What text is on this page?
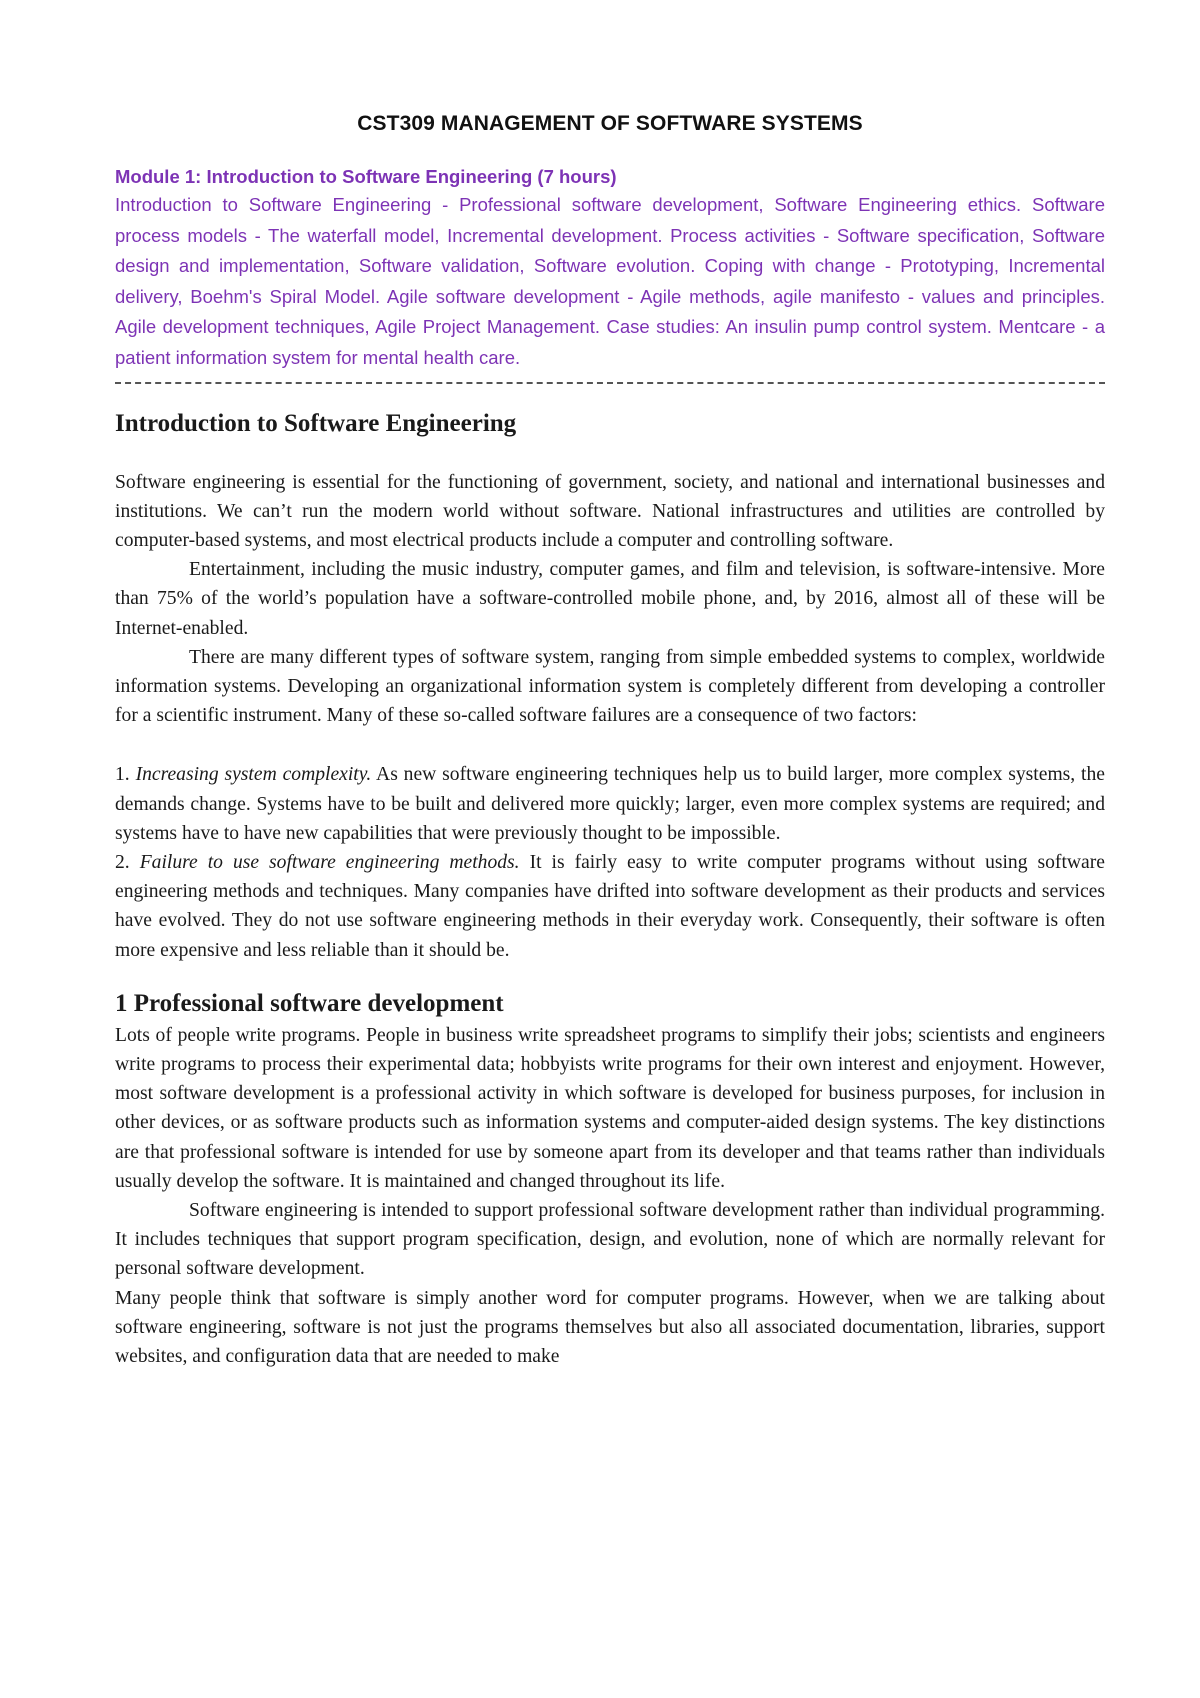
CST309 MANAGEMENT OF SOFTWARE SYSTEMS

Module 1: Introduction to Software Engineering (7 hours)

Introduction to Software Engineering - Professional software development, Software Engineering ethics. Software process models - The waterfall model, Incremental development. Process activities - Software specification, Software design and implementation, Software validation, Software evolution. Coping with change - Prototyping, Incremental delivery, Boehm's Spiral Model. Agile software development - Agile methods, agile manifesto - values and principles. Agile development techniques, Agile Project Management. Case studies: An insulin pump control system. Mentcare - a patient information system for mental health care.

Introduction to Software Engineering

Software engineering is essential for the functioning of government, society, and national and international businesses and institutions. We can’t run the modern world without software. National infrastructures and utilities are controlled by computer-based systems, and most electrical products include a computer and controlling software.

Entertainment, including the music industry, computer games, and film and television, is software-intensive. More than 75% of the world’s population have a software-controlled mobile phone, and, by 2016, almost all of these will be Internet-enabled.

There are many different types of software system, ranging from simple embedded systems to complex, worldwide information systems. Developing an organizational information system is completely different from developing a controller for a scientific instrument. Many of these so-called software failures are a consequence of two factors:

1. Increasing system complexity. As new software engineering techniques help us to build larger, more complex systems, the demands change. Systems have to be built and delivered more quickly; larger, even more complex systems are required; and systems have to have new capabilities that were previously thought to be impossible.

2. Failure to use software engineering methods. It is fairly easy to write computer programs without using software engineering methods and techniques. Many companies have drifted into software development as their products and services have evolved. They do not use software engineering methods in their everyday work. Consequently, their software is often more expensive and less reliable than it should be.

1 Professional software development

Lots of people write programs. People in business write spreadsheet programs to simplify their jobs; scientists and engineers write programs to process their experimental data; hobbyists write programs for their own interest and enjoyment. However, most software development is a professional activity in which software is developed for business purposes, for inclusion in other devices, or as software products such as information systems and computer-aided design systems. The key distinctions are that professional software is intended for use by someone apart from its developer and that teams rather than individuals usually develop the software. It is maintained and changed throughout its life.

Software engineering is intended to support professional software development rather than individual programming. It includes techniques that support program specification, design, and evolution, none of which are normally relevant for personal software development.

Many people think that software is simply another word for computer programs. However, when we are talking about software engineering, software is not just the programs themselves but also all associated documentation, libraries, support websites, and configuration data that are needed to make
